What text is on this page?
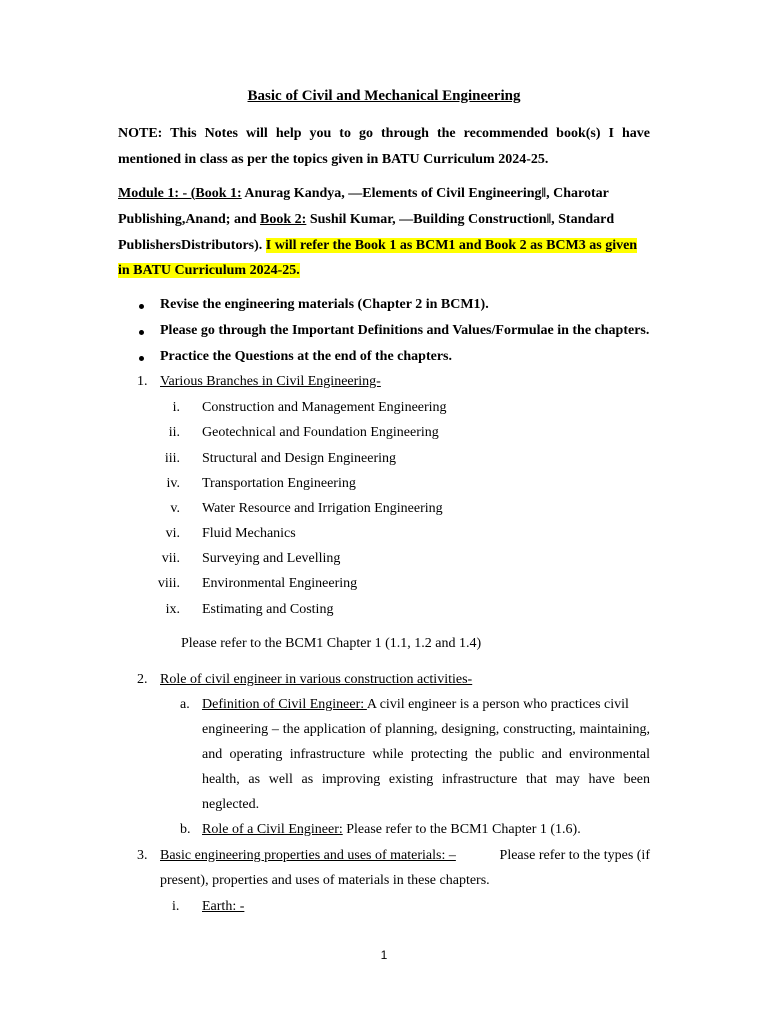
Basic of Civil and Mechanical Engineering
NOTE: This Notes will help you to go through the recommended book(s) I have
mentioned in class as per the topics given in BATU Curriculum 2024-25.
Module 1: - (Book 1: Anurag Kandya, —Elements of Civil Engineering‖, Charotar
Publishing,Anand; and Book 2: Sushil Kumar, —Building Construction‖, Standard
PublishersDistributors). I will refer the Book 1 as BCM1 and Book 2 as BCM3 as given
in BATU Curriculum 2024-25.
Revise the engineering materials (Chapter 2 in BCM1).
Please go through the Important Definitions and Values/Formulae in the chapters.
Practice the Questions at the end of the chapters.
1. Various Branches in Civil Engineering-
i. Construction and Management Engineering
ii. Geotechnical and Foundation Engineering
iii. Structural and Design Engineering
iv. Transportation Engineering
v. Water Resource and Irrigation Engineering
vi. Fluid Mechanics
vii. Surveying and Levelling
viii. Environmental Engineering
ix. Estimating and Costing
Please refer to the BCM1 Chapter 1 (1.1, 1.2 and 1.4)
2. Role of civil engineer in various construction activities-
a. Definition of Civil Engineer: A civil engineer is a person who practices civil
engineering – the application of planning, designing, constructing, maintaining,
and operating infrastructure while protecting the public and environmental
health, as well as improving existing infrastructure that may have been
neglected.
b. Role of a Civil Engineer: Please refer to the BCM1 Chapter 1 (1.6).
3. Basic engineering properties and uses of materials: –	Please refer to the types (if
present), properties and uses of materials in these chapters.
i. Earth: -
1
